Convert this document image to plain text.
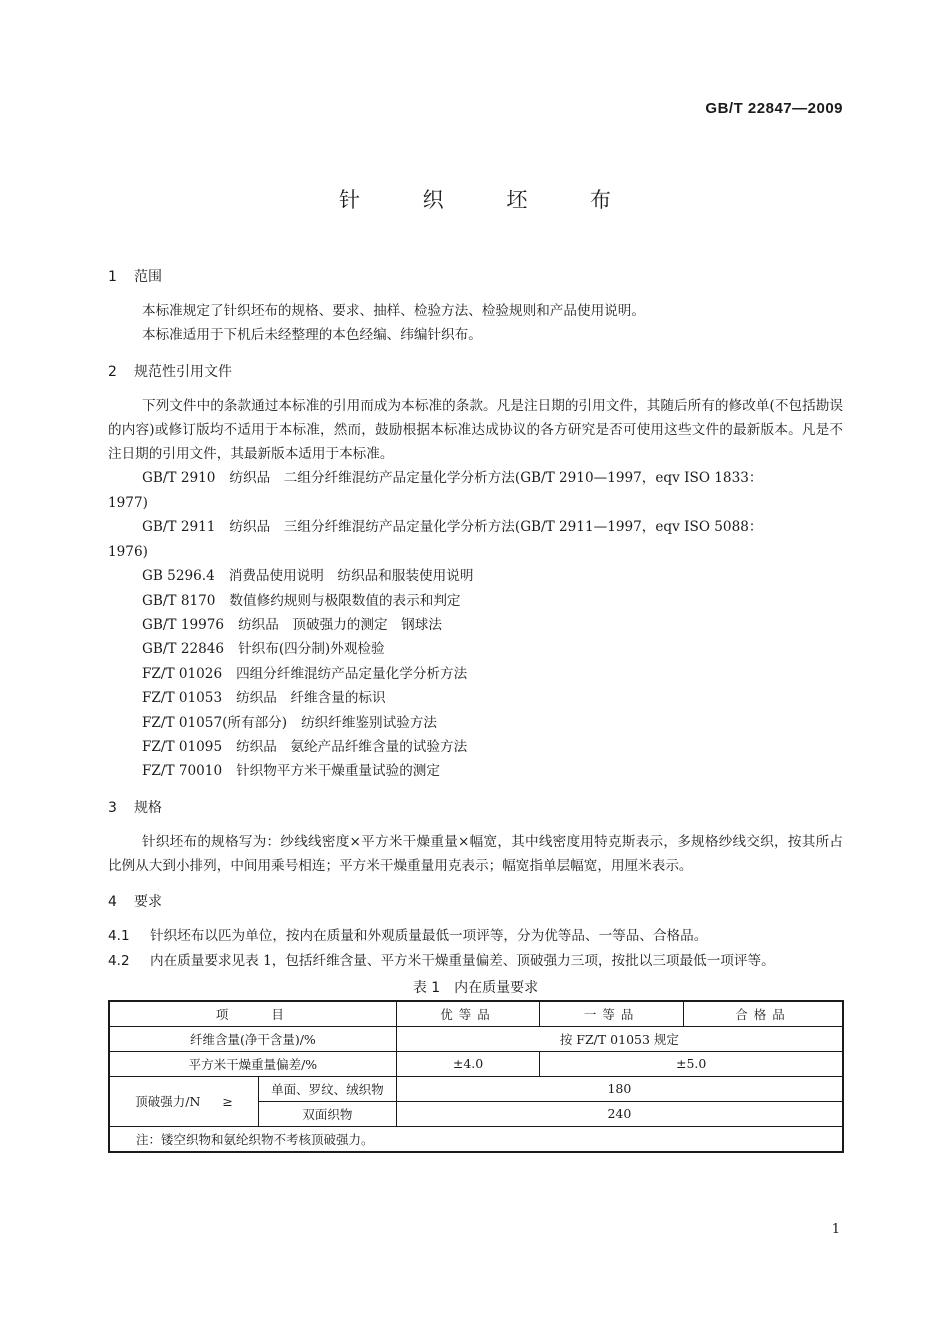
GB/T 22847—2009
针 织 坯 布
1 范围
本标准规定了针织坯布的规格、要求、抽样、检验方法、检验规则和产品使用说明。
本标准适用于下机后未经整理的本色经编、纬编针织布。
2 规范性引用文件
下列文件中的条款通过本标准的引用而成为本标准的条款。凡是注日期的引用文件，其随后所有的修改单(不包括勘误的内容)或修订版均不适用于本标准，然而，鼓励根据本标准达成协议的各方研究是否可使用这些文件的最新版本。凡是不注日期的引用文件，其最新版本适用于本标准。
GB/T 2910 纺织品　二组分纤维混纺产品定量化学分析方法(GB/T 2910—1997，eqv ISO 1833：
1977)
GB/T 2911 纺织品　三组分纤维混纺产品定量化学分析方法(GB/T 2911—1997，eqv ISO 5088：
1976)
GB 5296.4 消费品使用说明　纺织品和服装使用说明
GB/T 8170 数值修约规则与极限数值的表示和判定
GB/T 19976 纺织品　顶破强力的测定　钢球法
GB/T 22846 针织布(四分制)外观检验
FZ/T 01026 四组分纤维混纺产品定量化学分析方法
FZ/T 01053 纺织品　纤维含量的标识
FZ/T 01057(所有部分) 纺织纤维鉴别试验方法
FZ/T 01095 纺织品　氨纶产品纤维含量的试验方法
FZ/T 70010 针织物平方米干燥重量试验的测定
3 规格
针织坯布的规格写为：纱线线密度×平方米干燥重量×幅宽，其中线密度用特克斯表示，多规格纱线交织，按其所占比例从大到小排列，中间用乘号相连；平方米干燥重量用克表示；幅宽指单层幅宽，用厘米表示。
4 要求
4.1 针织坯布以匹为单位，按内在质量和外观质量最低一项评等，分为优等品、一等品、合格品。
4.2 内在质量要求见表 1，包括纤维含量、平方米干燥重量偏差、顶破强力三项，按批以三项最低一项评等。
表 1　内在质量要求
项　　目		优等品	一等品	合格品
纤维含量(净干含量)/%		按 FZ/T 01053 规定		
平方米干燥重量偏差/%		±4.0	±5.0	
顶破强力/N ≥	单面、罗纹、绒织物	180		
	双面织物	240		
注：镂空织物和氨纶织物不考核顶破强力。				
1
